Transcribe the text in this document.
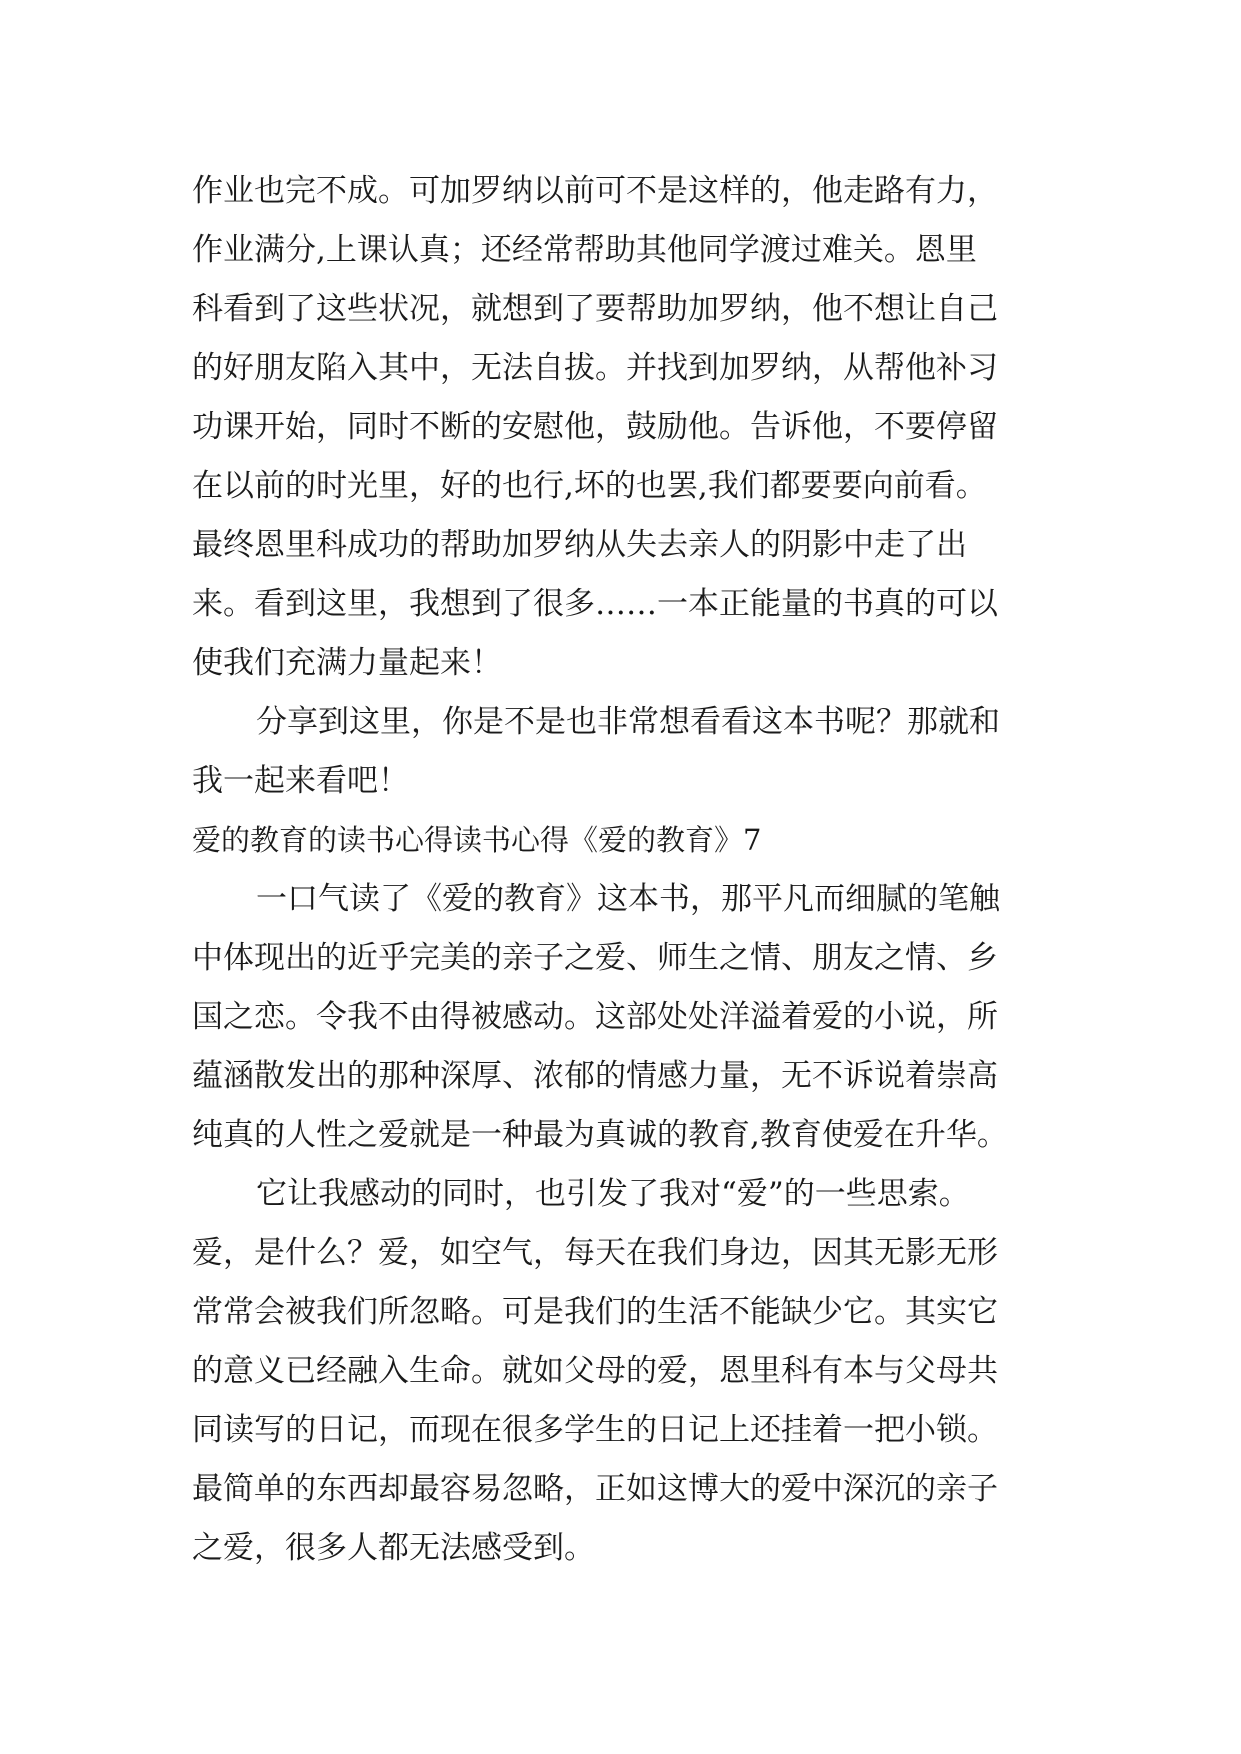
作业也完不成。可加罗纳以前可不是这样的，他走路有力，
作业满分,上课认真；还经常帮助其他同学渡过难关。恩里
科看到了这些状况，就想到了要帮助加罗纳，他不想让自己
的好朋友陷入其中，无法自拔。并找到加罗纳，从帮他补习
功课开始，同时不断的安慰他，鼓励他。告诉他，不要停留
在以前的时光里，好的也行,坏的也罢,我们都要要向前看。
最终恩里科成功的帮助加罗纳从失去亲人的阴影中走了出
来。看到这里，我想到了很多……一本正能量的书真的可以
使我们充满力量起来！
分享到这里，你是不是也非常想看看这本书呢？那就和
我一起来看吧！
爱的教育的读书心得读书心得《爱的教育》7
一口气读了《爱的教育》这本书，那平凡而细腻的笔触
中体现出的近乎完美的亲子之爱、师生之情、朋友之情、乡
国之恋。令我不由得被感动。这部处处洋溢着爱的小说，所
蕴涵散发出的那种深厚、浓郁的情感力量，无不诉说着崇高
纯真的人性之爱就是一种最为真诚的教育,教育使爱在升华。
它让我感动的同时，也引发了我对“爱”的一些思索。
爱，是什么？爱，如空气，每天在我们身边，因其无影无形
常常会被我们所忽略。可是我们的生活不能缺少它。其实它
的意义已经融入生命。就如父母的爱，恩里科有本与父母共
同读写的日记，而现在很多学生的日记上还挂着一把小锁。
最简单的东西却最容易忽略，正如这博大的爱中深沉的亲子
之爱，很多人都无法感受到。
